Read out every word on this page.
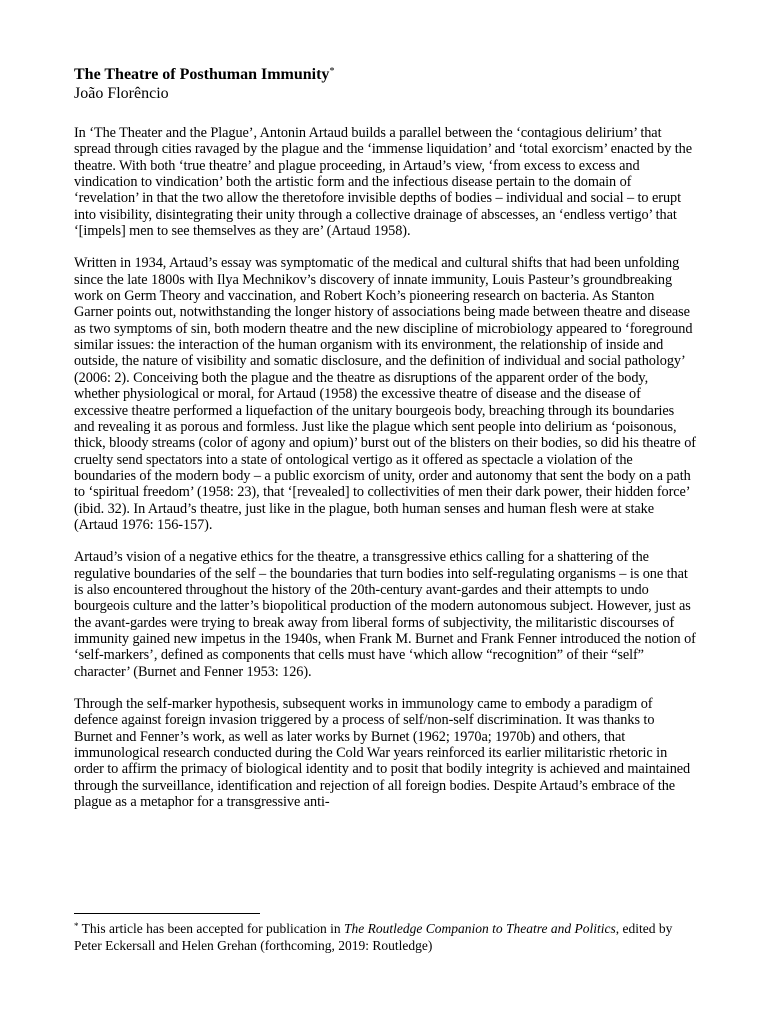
The Theatre of Posthuman Immunity*

João Florêncio

In ‘The Theater and the Plague’, Antonin Artaud builds a parallel between the ‘contagious delirium’ that spread through cities ravaged by the plague and the ‘immense liquidation’ and ‘total exorcism’ enacted by the theatre. With both ‘true theatre’ and plague proceeding, in Artaud’s view, ‘from excess to excess and vindication to vindication’ both the artistic form and the infectious disease pertain to the domain of ‘revelation’ in that the two allow the theretofore invisible depths of bodies – individual and social – to erupt into visibility, disintegrating their unity through a collective drainage of abscesses, an ‘endless vertigo’ that ‘[impels] men to see themselves as they are’ (Artaud 1958).

Written in 1934, Artaud’s essay was symptomatic of the medical and cultural shifts that had been unfolding since the late 1800s with Ilya Mechnikov’s discovery of innate immunity, Louis Pasteur’s groundbreaking work on Germ Theory and vaccination, and Robert Koch’s pioneering research on bacteria. As Stanton Garner points out, notwithstanding the longer history of associations being made between theatre and disease as two symptoms of sin, both modern theatre and the new discipline of microbiology appeared to ‘foreground similar issues: the interaction of the human organism with its environment, the relationship of inside and outside, the nature of visibility and somatic disclosure, and the definition of individual and social pathology’ (2006: 2). Conceiving both the plague and the theatre as disruptions of the apparent order of the body, whether physiological or moral, for Artaud (1958) the excessive theatre of disease and the disease of excessive theatre performed a liquefaction of the unitary bourgeois body, breaching through its boundaries and revealing it as porous and formless. Just like the plague which sent people into delirium as ‘poisonous, thick, bloody streams (color of agony and opium)’ burst out of the blisters on their bodies, so did his theatre of cruelty send spectators into a state of ontological vertigo as it offered as spectacle a violation of the boundaries of the modern body – a public exorcism of unity, order and autonomy that sent the body on a path to ‘spiritual freedom’ (1958: 23), that ‘[revealed] to collectivities of men their dark power, their hidden force’ (ibid. 32). In Artaud’s theatre, just like in the plague, both human senses and human flesh were at stake (Artaud 1976: 156-157).

Artaud’s vision of a negative ethics for the theatre, a transgressive ethics calling for a shattering of the regulative boundaries of the self – the boundaries that turn bodies into self-regulating organisms – is one that is also encountered throughout the history of the 20th-century avant-gardes and their attempts to undo bourgeois culture and the latter’s biopolitical production of the modern autonomous subject. However, just as the avant-gardes were trying to break away from liberal forms of subjectivity, the militaristic discourses of immunity gained new impetus in the 1940s, when Frank M. Burnet and Frank Fenner introduced the notion of ‘self-markers’, defined as components that cells must have ‘which allow “recognition” of their “self” character’ (Burnet and Fenner 1953: 126).

Through the self-marker hypothesis, subsequent works in immunology came to embody a paradigm of defence against foreign invasion triggered by a process of self/non-self discrimination. It was thanks to Burnet and Fenner’s work, as well as later works by Burnet (1962; 1970a; 1970b) and others, that immunological research conducted during the Cold War years reinforced its earlier militaristic rhetoric in order to affirm the primacy of biological identity and to posit that bodily integrity is achieved and maintained through the surveillance, identification and rejection of all foreign bodies. Despite Artaud’s embrace of the plague as a metaphor for a transgressive anti-

* This article has been accepted for publication in The Routledge Companion to Theatre and Politics, edited by Peter Eckersall and Helen Grehan (forthcoming, 2019: Routledge)
